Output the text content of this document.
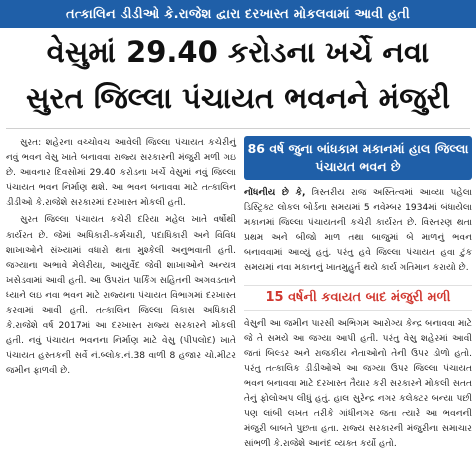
તત્કાલિન ડીડીઓ કે.રાજેશ દ્વારા દરખાસ્ત મોકલવામાં આવી હતી
વેસુમાં 29.40 કરોડના ખર્ચે નવા
સુરત જિલ્લા પંચાયત ભવનને મંજુરી

સુરત: શહેરના વચ્ચોવચ આવેલી જિલ્લા પંચાયત કચેરીનું નવું ભવન વેસુ ખાતે બનાવવા રાજ્ય સરકારની મંજુરી મળી ગઇ છે. આવનાર દિવસોમાં 29.40 કરોડના ખર્ચે વેસુમાં નવું જિલ્લા પંચાયત ભવન નિર્માણ થશે. આ ભવન બનાવવા માટે તત્કાલિન ડીડીઓ કે.રાજેશે સરકારમાં દરખાસ્ત મોકલી હતી.

સુરત જિલ્લા પંચાયત કચેરી દરિયા મહેલ ખાતે વર્ષોથી કાર્યરત છે. જેમાં અધિકારી-કર્મચારી, પદાધિકારી અને વિવિધ શાખાઓને સંખ્યામાં વધારો થતા મુશ્કેલી અનુભવાતી હતી. જગ્યાના અભાવે મેલેરીયા, આયુર્વેદ જેવી શાખાઓને અન્યત્ર ખસેડવામાં આવી હતી. આ ઉપરાંત પાર્કિંગ સહિતની અગવડતાને ધ્યાને લઇ નવા ભવન માટે રાજ્યના પંચાયત વિભાગમાં દરખાસ્ત કરવામાં આવી હતી. તત્કાલિન જિલ્લા વિકાસ અધિકારી કે.રાજેશે વર્ષ 2017માં આ દરખાસ્ત રાજ્ય સરકારને મોકલી હતી. નવું પંચાયત ભવનના નિર્માણ માટે વેસુ (પીપલોદ) ખાતે પંચાયત હસ્તકની સર્વે નં.બ્લોક.નં.38 વાળી 8 હજાર ચો.મીટર જમીન ફાળવી છે.

86 વર્ષ જુના બાંધકામ મકાનમાં હાલ જિલ્લા પંચાયત ભવન છે

નોંધનીય છે કે, ત્રિસ્તરીય રાજ અસ્તિત્વમાં આવ્યા પહેલા ડિસ્ટ્રિક્ટ લોકલ બોર્ડના સમયમાં 5 નવેમ્બર 1934માં બંધાયેલા મકાનમાં જિલ્લા પંચાયતની કચેરી કાર્યરત છે. વિસ્તરણ થતા પ્રથમ અને બીજો માળ તથા બાજુમાં બે માળનું ભવન બનાવવામાં આવ્યું હતું. પરંતુ હવે જિલ્લા પંચાયત હવા ટુંક સમયમાં નવા મકાનનું ખાતમુહુર્ત થયે કાર્ય ગતિમાન કરાયો છે.

15 વર્ષની કવાયત બાદ મંજુરી મળી

વેસુની આ જમીન પારસી અભિગમ આરોગ્ય કેન્દ્ર બનાવવા માટે જે તે સમયે આ જગ્યા આપી હતી. પરંતુ વેસુ શહેરમાં આવી જતાં બિલ્ડર અને રાજકીય નેતાઓનો તેની ઉપર ડોળો હતો. પરંતુ તત્કાલિક ડીડીઓએ આ જગ્યા ઉપર જિલ્લા પંચાયત ભવન બનાવવા માટે દરખાસ્ત તૈયાર કરી સરકારને મોકલી સતત તેનું ફોલોઅપ લીધું હતું. હાલ સુરેન્દ્ર નગર કલેક્ટર બન્યા પછી પણ લાંબી લખત તરીકે ગાંધીનગર જતા ત્યારે આ ભવનની મંજુરી બાબતે પુછતા હતા. રાજ્ય સરકારની મંજુરીના સમાચાર સાંભળી કે.રાજેશે આનંદ વ્યક્ત કર્યો હતો.
